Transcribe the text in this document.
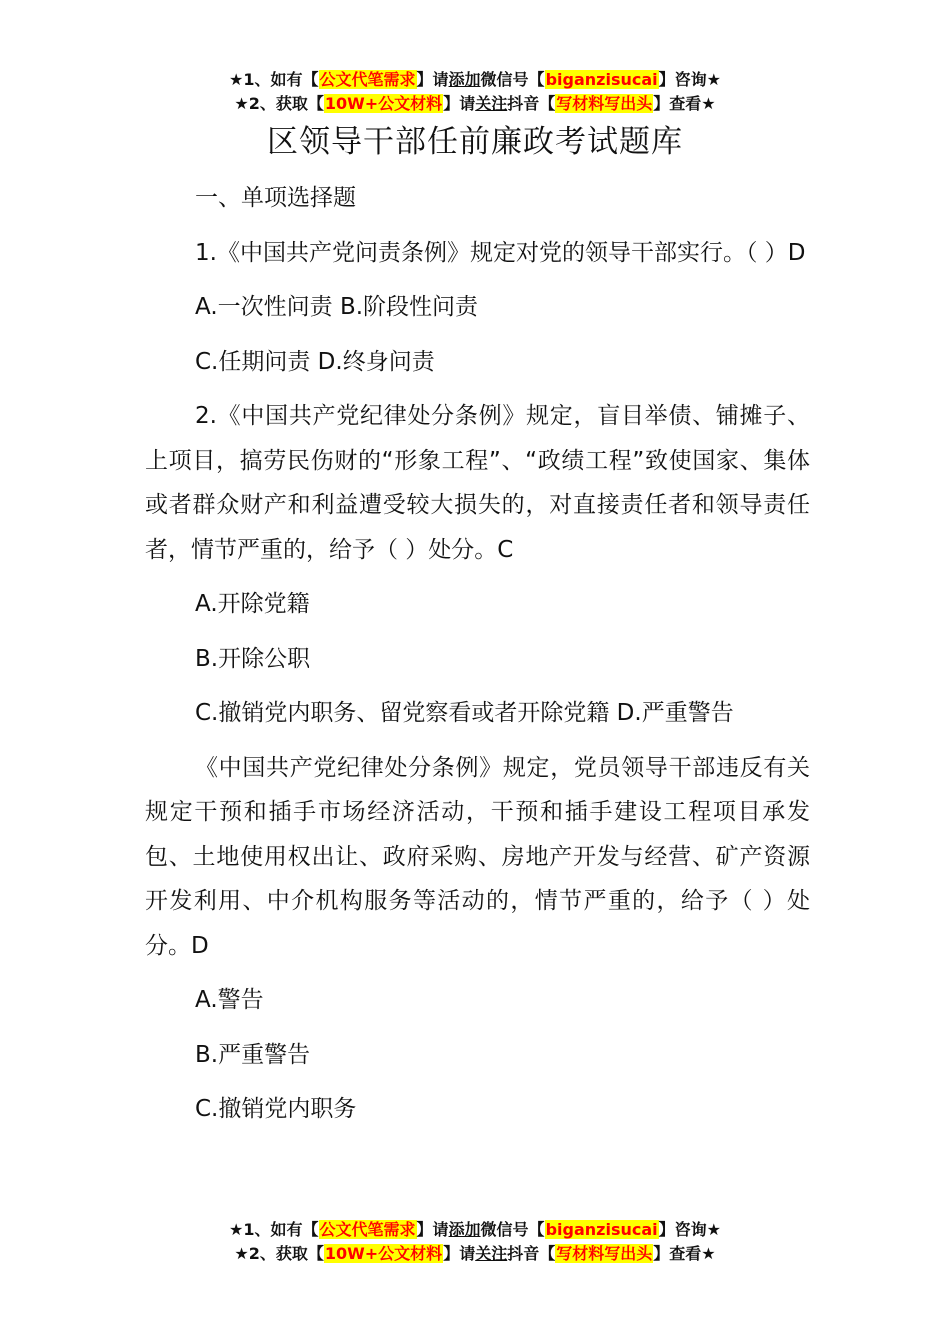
★1、如有【公文代笔需求】请添加微信号【biganzisucai】咨询★
★2、获取【10W+公文材料】请关注抖音【写材料写出头】查看★
区领导干部任前廉政考试题库

一、单项选择题

1.《中国共产党问责条例》规定对党的领导干部实行。（ ）D

A.一次性问责 B.阶段性问责

C.任期问责 D.终身问责

2.《中国共产党纪律处分条例》规定，盲目举债、铺摊子、上项目，搞劳民伤财的“形象工程”、“政绩工程”致使国家、集体或者群众财产和利益遭受较大损失的，对直接责任者和领导责任者，情节严重的，给予（ ）处分。C

A.开除党籍

B.开除公职

C.撤销党内职务、留党察看或者开除党籍 D.严重警告

《中国共产党纪律处分条例》规定，党员领导干部违反有关规定干预和插手市场经济活动，干预和插手建设工程项目承发包、土地使用权出让、政府采购、房地产开发与经营、矿产资源开发利用、中介机构服务等活动的，情节严重的，给予（ ）处分。D

A.警告

B.严重警告

C.撤销党内职务

★1、如有【公文代笔需求】请添加微信号【biganzisucai】咨询★
★2、获取【10W+公文材料】请关注抖音【写材料写出头】查看★
